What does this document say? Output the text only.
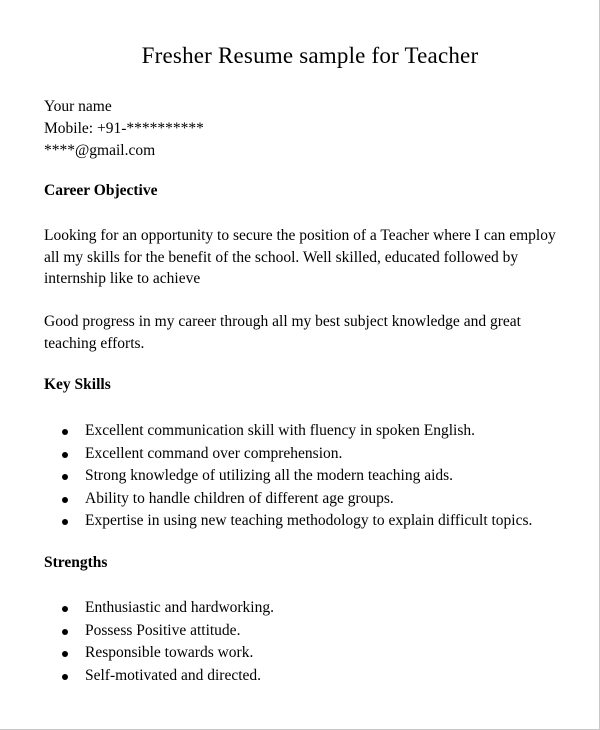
Fresher Resume sample for Teacher
Your name
Mobile: +91-**********
****@gmail.com
Career Objective
Looking for an opportunity to secure the position of a Teacher where I can employ
all my skills for the benefit of the school. Well skilled, educated followed by
internship like to achieve
Good progress in my career through all my best subject knowledge and great
teaching efforts.
Key Skills
Excellent communication skill with fluency in spoken English.
Excellent command over comprehension.
Strong knowledge of utilizing all the modern teaching aids.
Ability to handle children of different age groups.
Expertise in using new teaching methodology to explain difficult topics.
Strengths
Enthusiastic and hardworking.
Possess Positive attitude.
Responsible towards work.
Self-motivated and directed.
